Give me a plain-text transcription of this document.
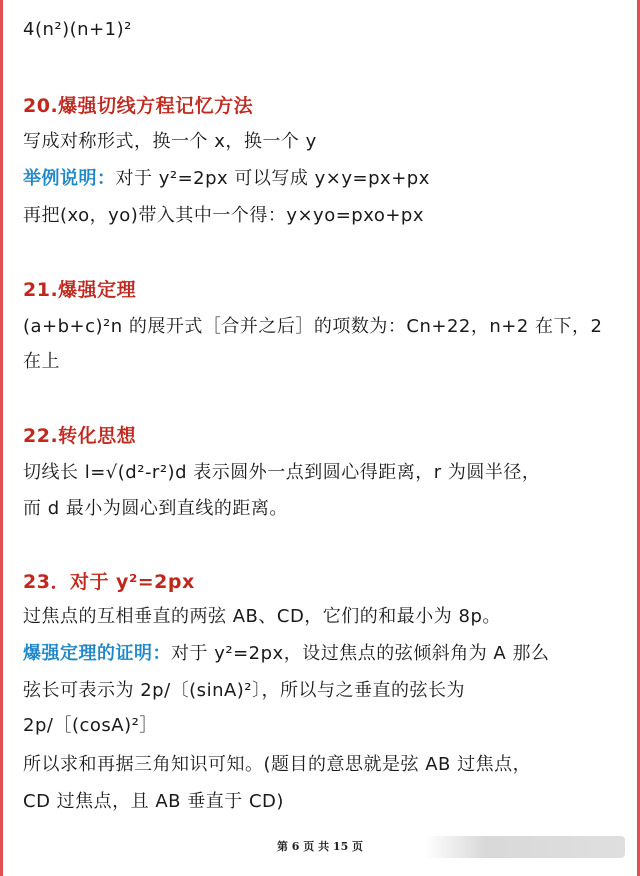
4(n²)(n+1)²
20.爆强切线方程记忆方法
写成对称形式，换一个 x，换一个 y
举例说明：对于 y²=2px 可以写成 y×y=px+px
再把(xo，yo)带入其中一个得：y×yo=pxo+px
21.爆强定理
(a+b+c)²n 的展开式［合并之后］的项数为：Cn+22，n+2 在下，2
在上
22.转化思想
切线长 l=√(d²-r²)d 表示圆外一点到圆心得距离，r 为圆半径，
而 d 最小为圆心到直线的距离。
23．对于 y²=2px
过焦点的互相垂直的两弦 AB、CD，它们的和最小为 8p。
爆强定理的证明：对于 y²=2px，设过焦点的弦倾斜角为 A 那么
弦长可表示为 2p/〔(sinA)²〕，所以与之垂直的弦长为
2p/［(cosA)²］
所以求和再据三角知识可知。(题目的意思就是弦 AB 过焦点，
CD 过焦点，且 AB 垂直于 CD)
第 6 页 共 15 页
